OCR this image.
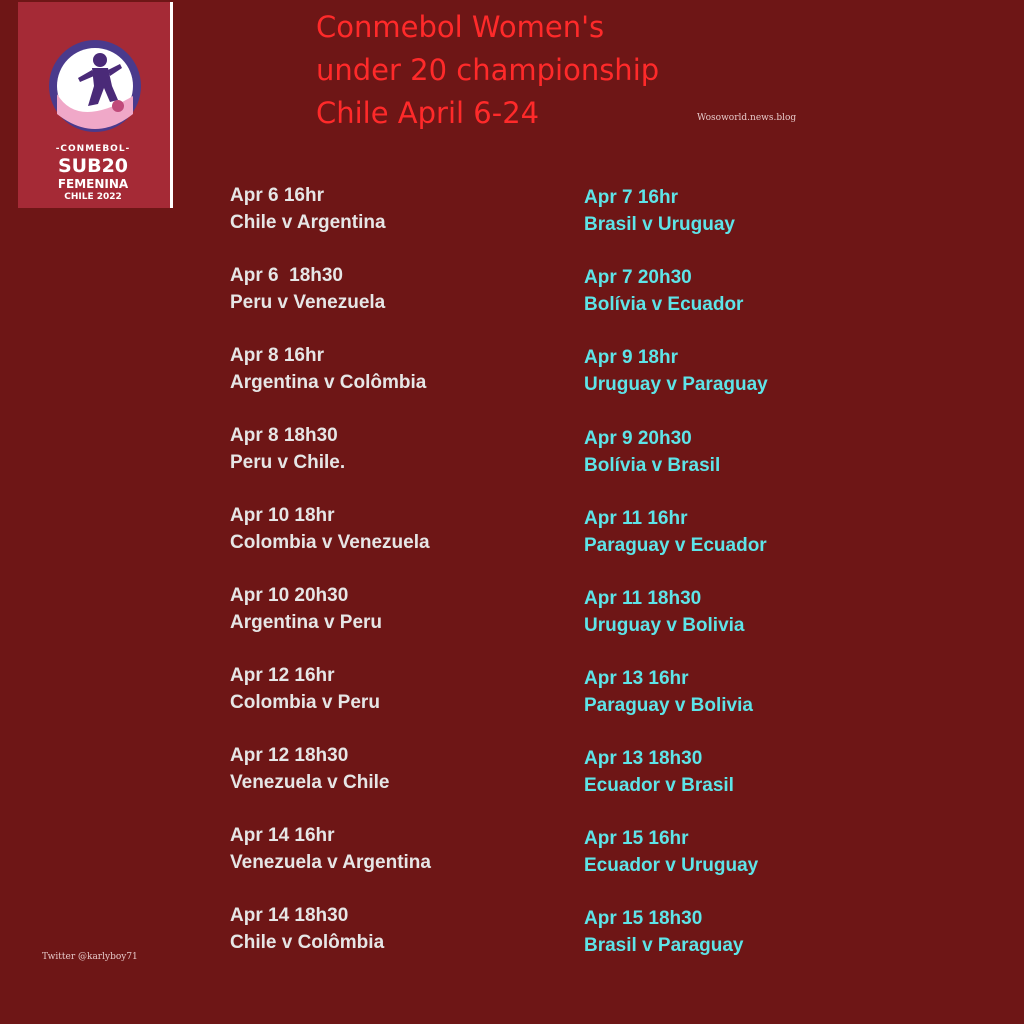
-CONMEBOL-
SUB20
FEMENINA
CHILE 2022
Conmebol Women's
under 20 championship
Chile April 6-24	Wosoworld.news.blog
Apr 6 16hr
Chile v Argentina
Apr 6  18h30
Peru v Venezuela
Apr 8 16hr
Argentina v Colômbia
Apr 8 18h30
Peru v Chile.
Apr 10 18hr
Colombia v Venezuela
Apr 10 20h30
Argentina v Peru
Apr 12 16hr
Colombia v Peru
Apr 12 18h30
Venezuela v Chile
Apr 14 16hr
Venezuela v Argentina
Apr 14 18h30
Chile v Colômbia
Apr 7 16hr
Brasil v Uruguay
Apr 7 20h30
Bolívia v Ecuador
Apr 9 18hr
Uruguay v Paraguay
Apr 9 20h30
Bolívia v Brasil
Apr 11 16hr
Paraguay v Ecuador
Apr 11 18h30
Uruguay v Bolivia
Apr 13 16hr
Paraguay v Bolivia
Apr 13 18h30
Ecuador v Brasil
Apr 15 16hr
Ecuador v Uruguay
Apr 15 18h30
Brasil v Paraguay
Twitter @karlyboy71
